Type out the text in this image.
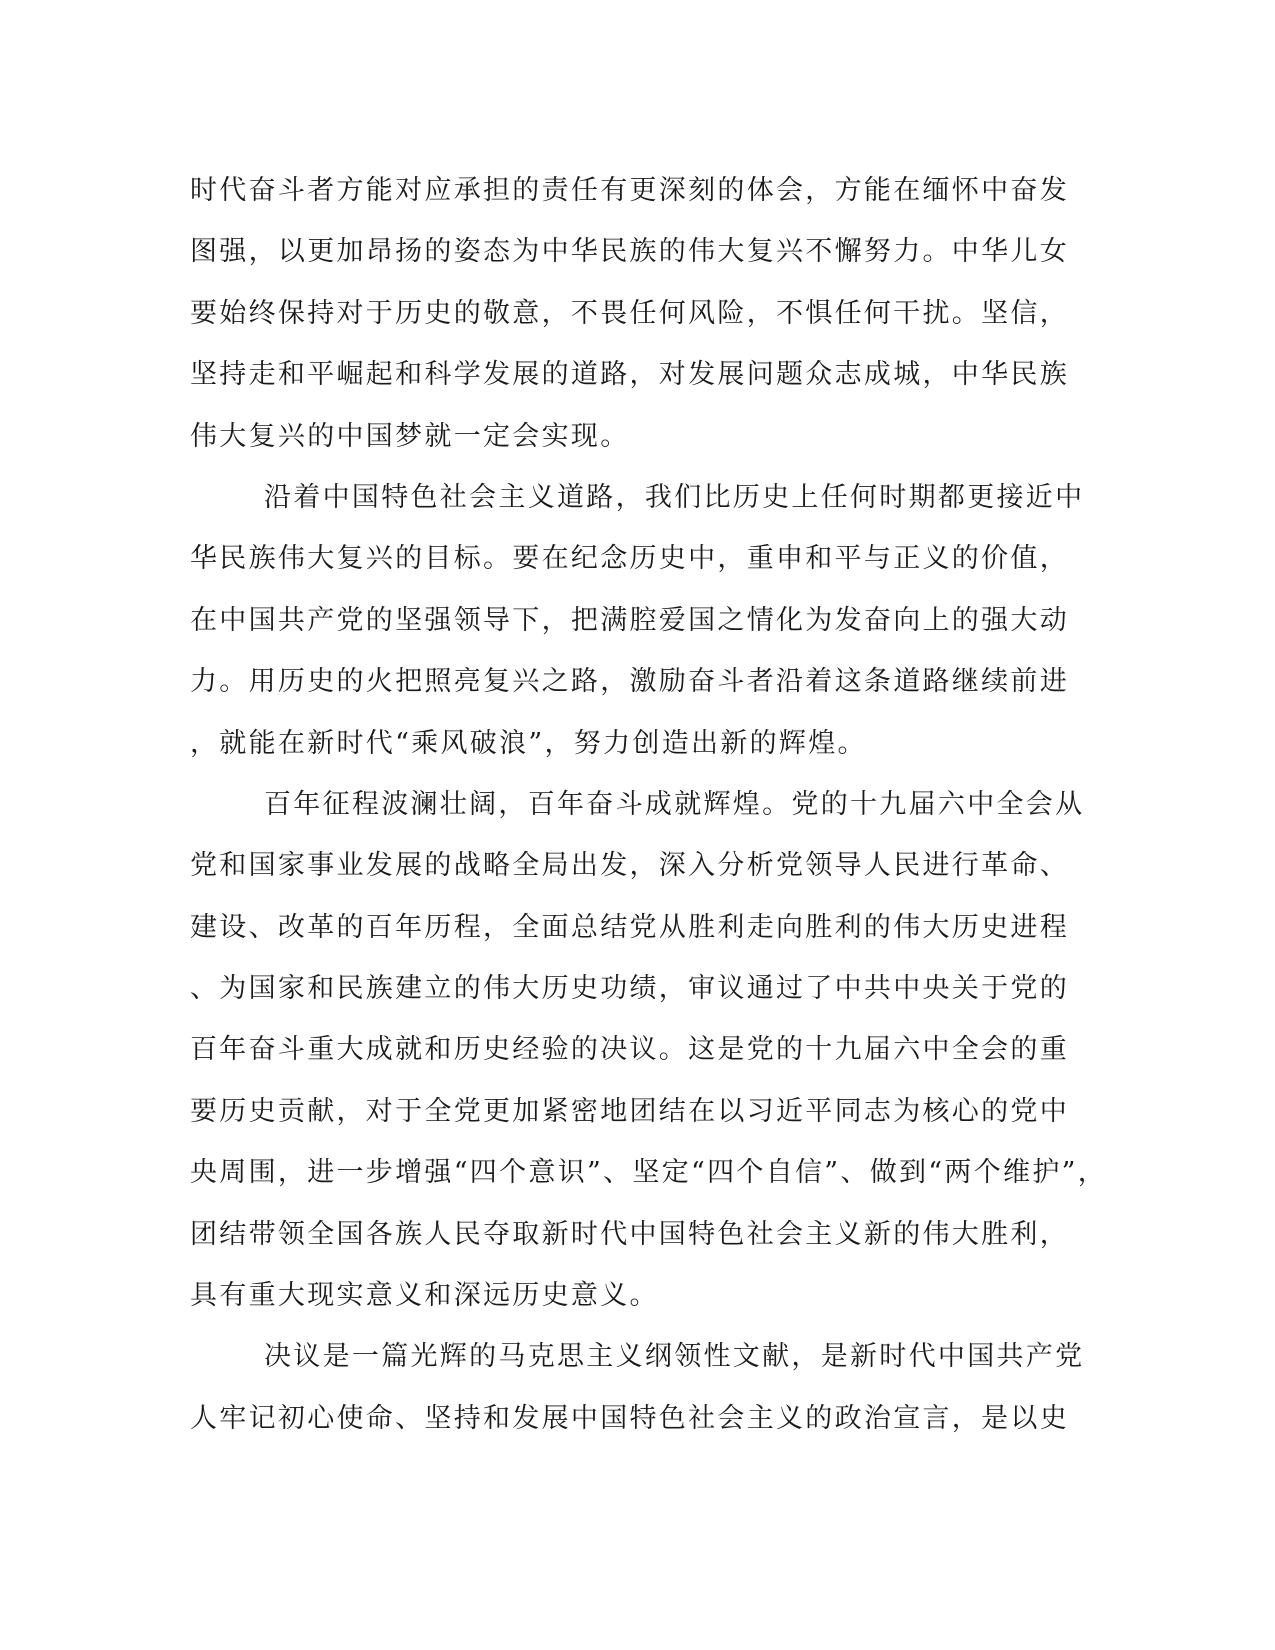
时代奋斗者方能对应承担的责任有更深刻的体会，方能在缅怀中奋发
图强，以更加昂扬的姿态为中华民族的伟大复兴不懈努力。中华儿女
要始终保持对于历史的敬意，不畏任何风险，不惧任何干扰。坚信，
坚持走和平崛起和科学发展的道路，对发展问题众志成城，中华民族
伟大复兴的中国梦就一定会实现。
沿着中国特色社会主义道路，我们比历史上任何时期都更接近中
华民族伟大复兴的目标。要在纪念历史中，重申和平与正义的价值，
在中国共产党的坚强领导下，把满腔爱国之情化为发奋向上的强大动
力。用历史的火把照亮复兴之路，激励奋斗者沿着这条道路继续前进
，就能在新时代“乘风破浪”，努力创造出新的辉煌。
百年征程波澜壮阔，百年奋斗成就辉煌。党的十九届六中全会从
党和国家事业发展的战略全局出发，深入分析党领导人民进行革命、
建设、改革的百年历程，全面总结党从胜利走向胜利的伟大历史进程
、为国家和民族建立的伟大历史功绩，审议通过了中共中央关于党的
百年奋斗重大成就和历史经验的决议。这是党的十九届六中全会的重
要历史贡献，对于全党更加紧密地团结在以习近平同志为核心的党中
央周围，进一步增强“四个意识”、坚定“四个自信”、做到“两个维护”，
团结带领全国各族人民夺取新时代中国特色社会主义新的伟大胜利，
具有重大现实意义和深远历史意义。
决议是一篇光辉的马克思主义纲领性文献，是新时代中国共产党
人牢记初心使命、坚持和发展中国特色社会主义的政治宣言，是以史
